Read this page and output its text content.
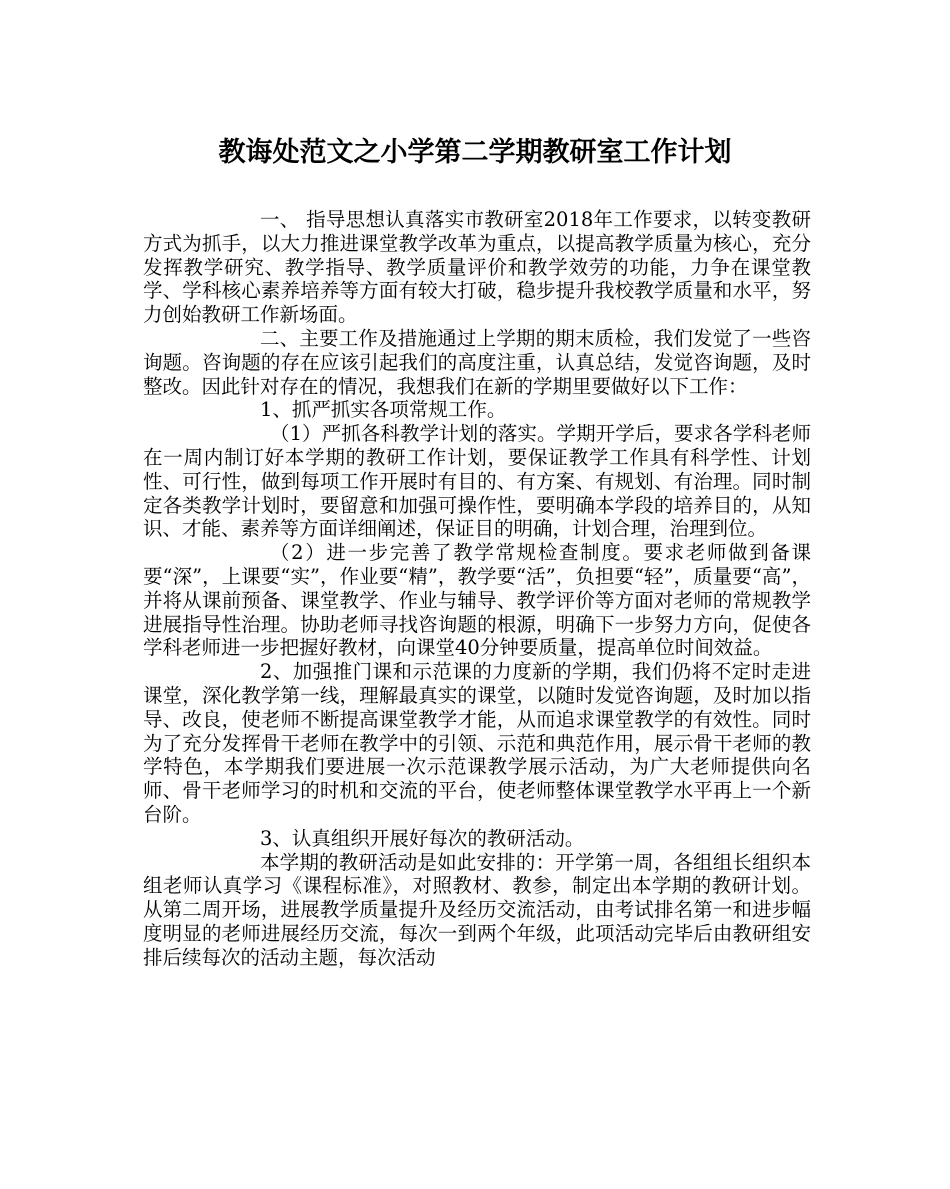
教诲处范文之小学第二学期教研室工作计划

一、 指导思想认真落实市教研室2018年工作要求，以转变教研方式为抓手，以大力推进课堂教学改革为重点，以提高教学质量为核心，充分发挥教学研究、教学指导、教学质量评价和教学效劳的功能，力争在课堂教学、学科核心素养培养等方面有较大打破，稳步提升我校教学质量和水平，努力创始教研工作新场面。

二、主要工作及措施通过上学期的期末质检，我们发觉了一些咨询题。咨询题的存在应该引起我们的高度注重，认真总结，发觉咨询题，及时整改。因此针对存在的情况，我想我们在新的学期里要做好以下工作：

1、抓严抓实各项常规工作。

（1）严抓各科教学计划的落实。学期开学后，要求各学科老师在一周内制订好本学期的教研工作计划，要保证教学工作具有科学性、计划性、可行性，做到每项工作开展时有目的、有方案、有规划、有治理。同时制定各类教学计划时，要留意和加强可操作性，要明确本学段的培养目的，从知识、才能、素养等方面详细阐述，保证目的明确，计划合理，治理到位。

（2）进一步完善了教学常规检查制度。要求老师做到备课要“深”，上课要“实”，作业要“精”，教学要“活”，负担要“轻”，质量要“高”，并将从课前预备、课堂教学、作业与辅导、教学评价等方面对老师的常规教学进展指导性治理。协助老师寻找咨询题的根源，明确下一步努力方向，促使各学科老师进一步把握好教材，向课堂40分钟要质量，提高单位时间效益。

2、加强推门课和示范课的力度新的学期，我们仍将不定时走进课堂，深化教学第一线，理解最真实的课堂，以随时发觉咨询题，及时加以指导、改良，使老师不断提高课堂教学才能，从而追求课堂教学的有效性。同时为了充分发挥骨干老师在教学中的引领、示范和典范作用，展示骨干老师的教学特色，本学期我们要进展一次示范课教学展示活动，为广大老师提供向名师、骨干老师学习的时机和交流的平台，使老师整体课堂教学水平再上一个新台阶。

3、认真组织开展好每次的教研活动。

本学期的教研活动是如此安排的：开学第一周，各组组长组织本组老师认真学习《课程标准》，对照教材、教参，制定出本学期的教研计划。从第二周开场，进展教学质量提升及经历交流活动，由考试排名第一和进步幅度明显的老师进展经历交流，每次一到两个年级，此项活动完毕后由教研组安排后续每次的活动主题，每次活动
